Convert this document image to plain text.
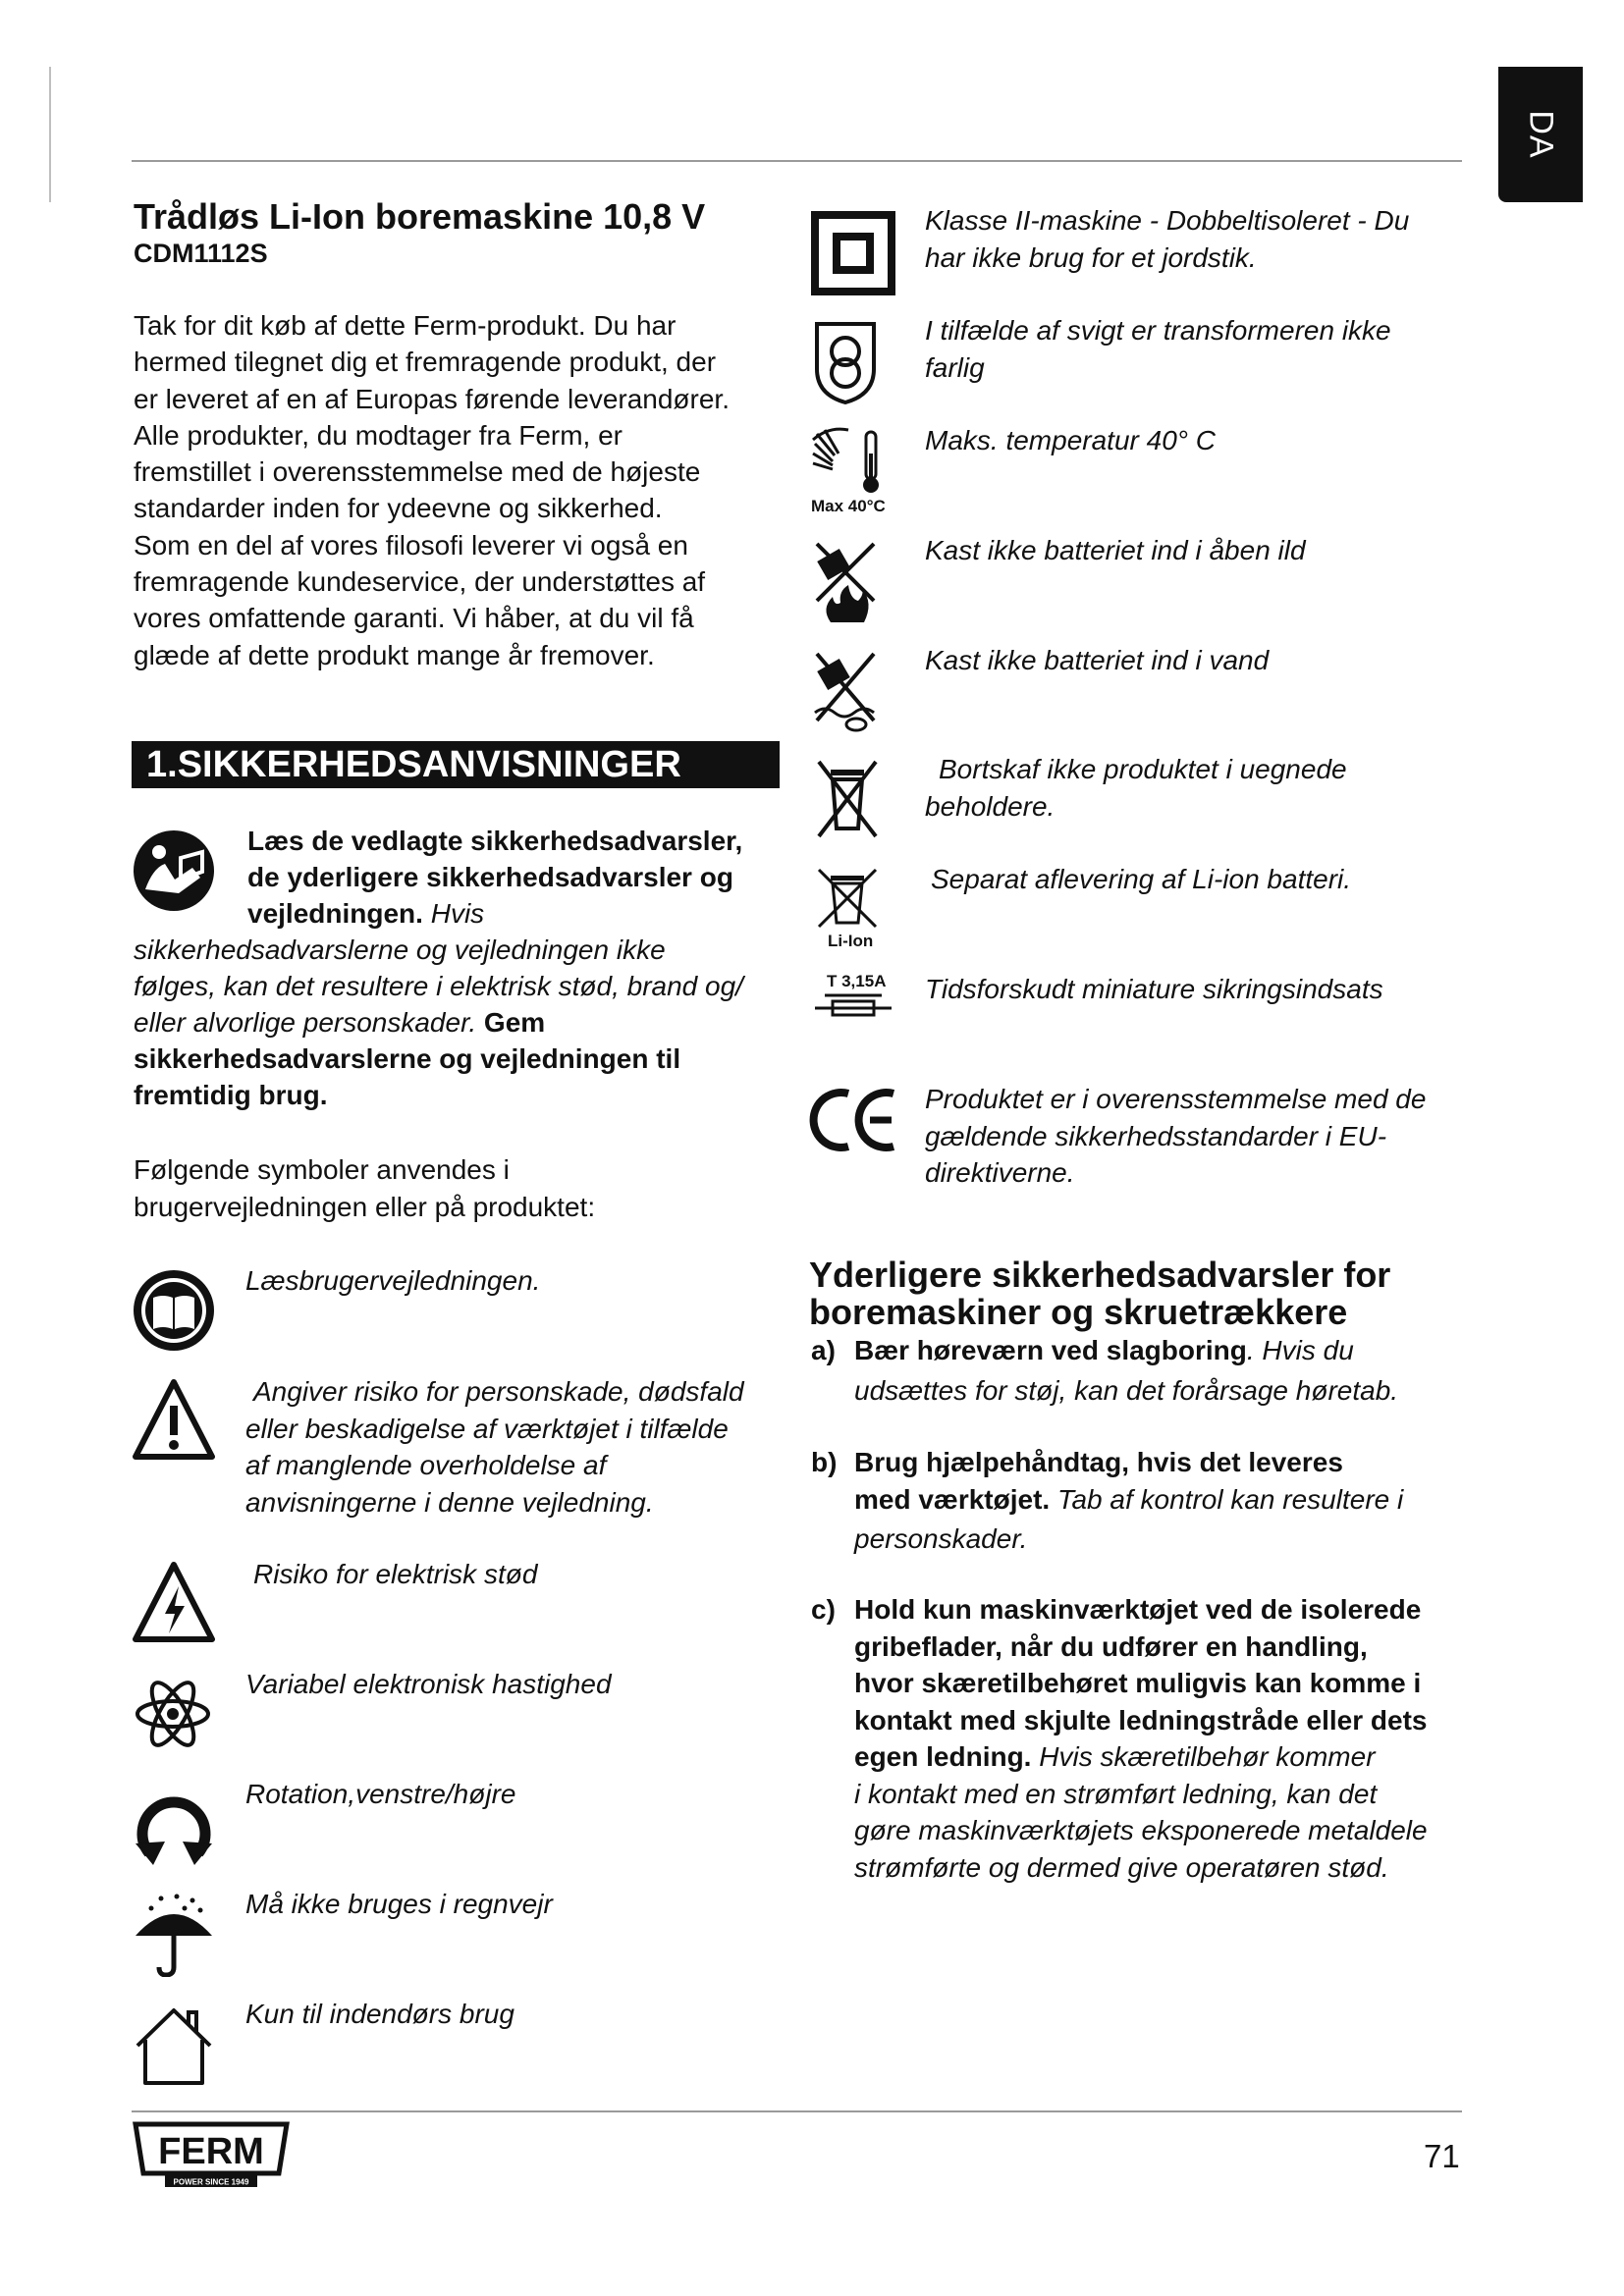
DA
Trådløs Li-Ion boremaskine 10,8 V
CDM1112S
Tak for dit køb af dette Ferm-produkt. Du har
hermed tilegnet dig et fremragende produkt, der
er leveret af en af Europas førende leverandører.
Alle produkter, du modtager fra Ferm, er
fremstillet i overensstemmelse med de højeste
standarder inden for ydeevne og sikkerhed.
Som en del af vores filosofi leverer vi også en
fremragende kundeservice, der understøttes af
vores omfattende garanti. Vi håber, at du vil få
glæde af dette produkt mange år fremover.
1.SIKKERHEDSANVISNINGER
Læs de vedlagte sikkerhedsadvarsler,
de yderligere sikkerhedsadvarsler og
vejledningen. Hvis
sikkerhedsadvarslerne og vejledningen ikke
følges, kan det resultere i elektrisk stød, brand og/
eller alvorlige personskader. Gem
sikkerhedsadvarslerne og vejledningen til
fremtidig brug.
Følgende symboler anvendes i
brugervejledningen eller på produktet:
Læsbrugervejledningen.
Angiver risiko for personskade, dødsfald
eller beskadigelse af værktøjet i tilfælde
af manglende overholdelse af
anvisningerne i denne vejledning.
Risiko for elektrisk stød
Variabel elektronisk hastighed
Rotation,venstre/højre
Må ikke bruges i regnvejr
Kun til indendørs brug
Klasse II-maskine - Dobbeltisoleret - Du
har ikke brug for et jordstik.
I tilfælde af svigt er transformeren ikke
farlig
Max 40°C
Maks. temperatur 40° C
Kast ikke batteriet ind i åben ild
Kast ikke batteriet ind i vand
Bortskaf ikke produktet i uegnede
beholdere.
Li-Ion
Separat aflevering af Li-ion batteri.
T 3,15A Tidsforskudt miniature sikringsindsats
Produktet er i overensstemmelse med de
gældende sikkerhedsstandarder i EU-
direktiverne.
Yderligere sikkerhedsadvarsler for
boremaskiner og skruetrækkere
a) Bær høreværn ved slagboring. Hvis du
udsættes for støj, kan det forårsage høretab.
b) Brug hjælpehåndtag, hvis det leveres
med værktøjet. Tab af kontrol kan resultere i
personskader.
c) Hold kun maskinværktøjet ved de isolerede
gribeflader, når du udfører en handling,
hvor skæretilbehøret muligvis kan komme i
kontakt med skjulte ledningstråde eller dets
egen ledning. Hvis skæretilbehør kommer
i kontakt med en strømført ledning, kan det
gøre maskinværktøjets eksponerede metaldele
strømførte og dermed give operatøren stød.
FERM
POWER SINCE 1949
71
